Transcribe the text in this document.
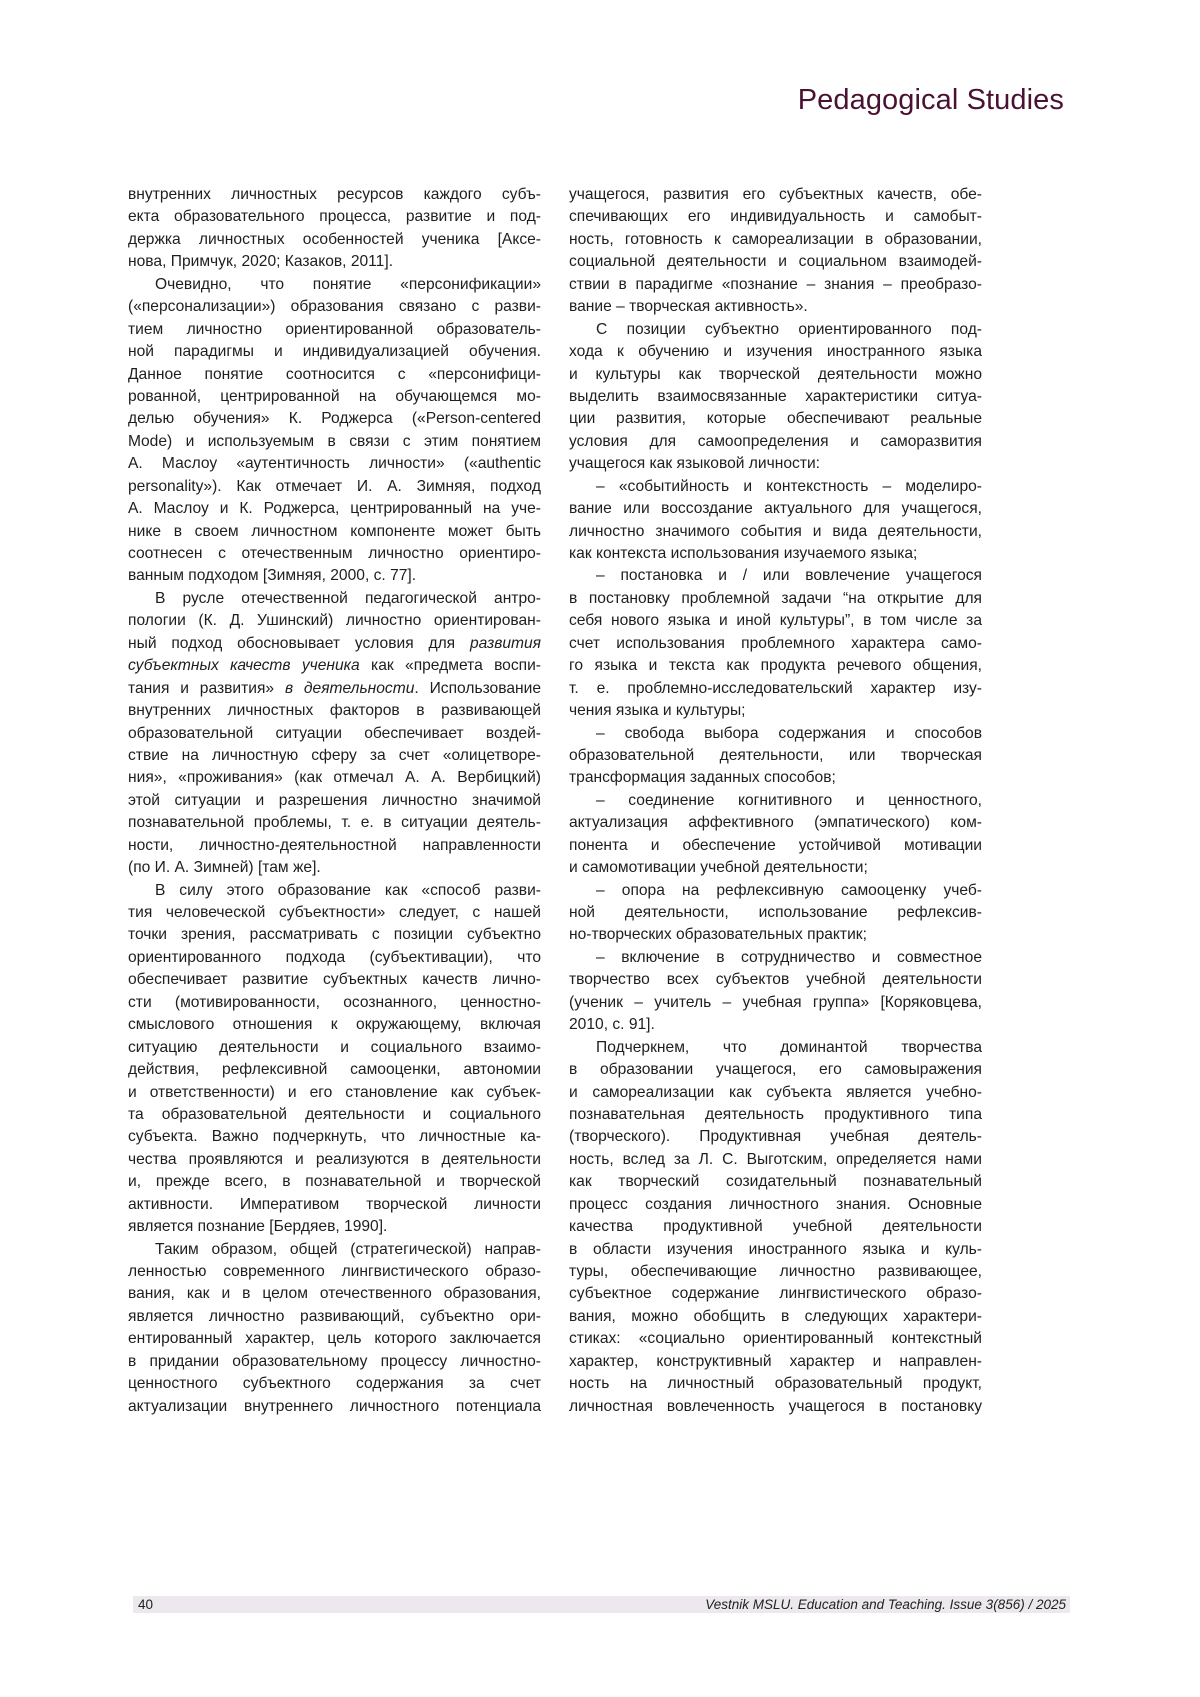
Pedagogical Studies
внутренних личностных ресурсов каждого субъ-
екта образовательного процесса, развитие и под-
держка личностных особенностей ученика [Аксе-
нова, Примчук, 2020; Казаков, 2011].
Очевидно, что понятие «персонификации»
(«персонализации») образования связано с разви-
тием личностно ориентированной образователь-
ной парадигмы и индивидуализацией обучения.
Данное понятие соотносится с «персонифици-
рованной, центрированной на обучающемся мо-
делью обучения» К. Роджерса («Person-centered
Mode) и используемым в связи с этим понятием
А. Маслоу «аутентичность личности» («authentic
personality»). Как отмечает И. А. Зимняя, подход
А. Маслоу и К. Роджерса, центрированный на уче-
нике в своем личностном компоненте может быть
соотнесен с отечественным личностно ориентиро-
ванным подходом [Зимняя, 2000, с. 77].
В русле отечественной педагогической антро-
пологии (К. Д. Ушинский) личностно ориентирован-
ный подход обосновывает условия для развития
субъектных качеств ученика как «предмета воспи-
тания и развития» в деятельности. Использование
внутренних личностных факторов в развивающей
образовательной ситуации обеспечивает воздей-
ствие на личностную сферу за счет «олицетворе-
ния», «проживания» (как отмечал А. А. Вербицкий)
этой ситуации и разрешения личностно значимой
познавательной проблемы, т. е. в ситуации деятель-
ности, личностно-деятельностной направленности
(по И. А. Зимней) [там же].
В силу этого образование как «способ разви-
тия человеческой субъектности» следует, с нашей
точки зрения, рассматривать с позиции субъектно
ориентированного подхода (субъективации), что
обеспечивает развитие субъектных качеств лично-
сти (мотивированности, осознанного, ценностно-
смыслового отношения к окружающему, включая
ситуацию деятельности и социального взаимо-
действия, рефлексивной самооценки, автономии
и ответственности) и его становление как субъек-
та образовательной деятельности и социального
субъекта. Важно подчеркнуть, что личностные ка-
чества проявляются и реализуются в деятельности
и, прежде всего, в познавательной и творческой
активности. Императивом творческой личности
является познание [Бердяев, 1990].
Таким образом, общей (стратегической) направ-
ленностью современного лингвистического образо-
вания, как и в целом отечественного образования,
является личностно развивающий, субъектно ори-
ентированный характер, цель которого заключается
в придании образовательному процессу личностно-
ценностного субъектного содержания за счет
актуализации внутреннего личностного потенциала
учащегося, развития его субъектных качеств, обе-
спечивающих его индивидуальность и самобыт-
ность, готовность к самореализации в образовании,
социальной деятельности и социальном взаимодей-
ствии в парадигме «познание – знания – преобразо-
вание – творческая активность».
С позиции субъектно ориентированного под-
хода к обучению и изучения иностранного языка
и культуры как творческой деятельности можно
выделить взаимосвязанные характеристики ситуа-
ции развития, которые обеспечивают реальные
условия для самоопределения и саморазвития
учащегося как языковой личности:
– «событийность и контекстность – моделиро-
вание или воссоздание актуального для учащегося,
личностно значимого события и вида деятельности,
как контекста использования изучаемого языка;
– постановка и / или вовлечение учащегося
в постановку проблемной задачи “на открытие для
себя нового языка и иной культуры”, в том числе за
счет использования проблемного характера само-
го языка и текста как продукта речевого общения,
т. е. проблемно-исследовательский характер изу-
чения языка и культуры;
– свобода выбора содержания и способов
образовательной деятельности, или творческая
трансформация заданных способов;
– соединение когнитивного и ценностного,
актуализация аффективного (эмпатического) ком-
понента и обеспечение устойчивой мотивации
и самомотивации учебной деятельности;
– опора на рефлексивную самооценку учеб-
ной деятельности, использование рефлексив-
но-творческих образовательных практик;
– включение в сотрудничество и совместное
творчество всех субъектов учебной деятельности
(ученик – учитель – учебная группа» [Коряковцева,
2010, с. 91].
Подчеркнем, что доминантой творчества
в образовании учащегося, его самовыражения
и самореализации как субъекта является учебно-
познавательная деятельность продуктивного типа
(творческого). Продуктивная учебная деятель-
ность, вслед за Л. С. Выготским, определяется нами
как творческий созидательный познавательный
процесс создания личностного знания. Основные
качества продуктивной учебной деятельности
в области изучения иностранного языка и куль-
туры, обеспечивающие личностно развивающее,
субъектное содержание лингвистического образо-
вания, можно обобщить в следующих характери-
стиках: «социально ориентированный контекстный
характер, конструктивный характер и направлен-
ность на личностный образовательный продукт,
личностная вовлеченность учащегося в постановку
40	Vestnik MSLU. Education and Teaching. Issue 3(856) / 2025
